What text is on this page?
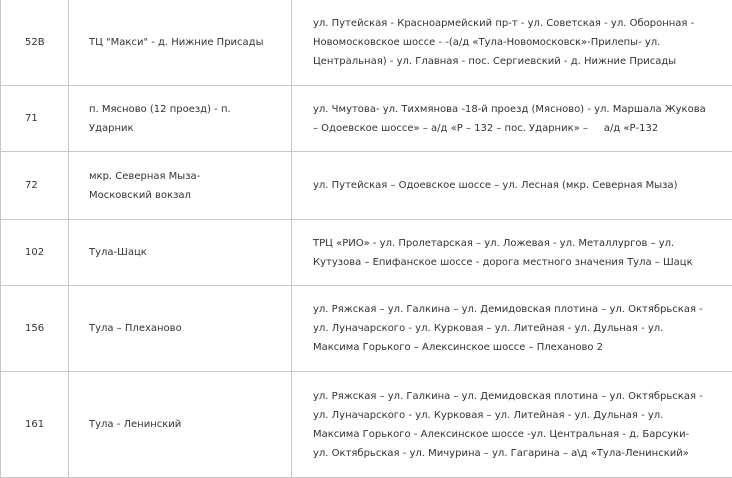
52В	ТЦ "Макси" - д. Нижние Присады	ул. Путейская - Красноармейский пр-т - ул. Советская - ул. Оборонная -
Новомосковское шоссе - -(а/д «Тула-Новомосковск»-Прилепы- ул.
Центральная) - ул. Главная - пос. Сергиевский - д. Нижние Присады

71	п. Мясново (12 проезд) - п.
Ударник	ул. Чмутова- ул. Тихмянова -18-й проезд (Мясново) - ул. Маршала Жукова
– Одоевское шоссе» – а/д «Р – 132 – пос. Ударник» –     а/д «Р-132

72	мкр. Северная Мыза-
Московский вокзал	ул. Путейская – Одоевское шоссе – ул. Лесная (мкр. Северная Мыза)

102	Тула-Шацк	ТРЦ «РИО» - ул. Пролетарская – ул. Ложевая - ул. Металлургов – ул.
Кутузова – Епифанское шоссе - дорога местного значения Тула – Шацк

156	Тула – Плеханово	ул. Ряжская – ул. Галкина – ул. Демидовская плотина – ул. Октябрьская -
ул. Луначарского - ул. Курковая – ул. Литейная - ул. Дульная - ул.
Максима Горького – Алексинское шоссе – Плеханово 2

161	Тула - Ленинский	ул. Ряжская – ул. Галкина – ул. Демидовская плотина – ул. Октябрьская -
ул. Луначарского - ул. Курковая – ул. Литейная - ул. Дульная - ул.
Максима Горького - Алексинское шоссе -ул. Центральная - д. Барсуки-
ул. Октябрьская - ул. Мичурина – ул. Гагарина – а\д «Тула-Ленинский»
